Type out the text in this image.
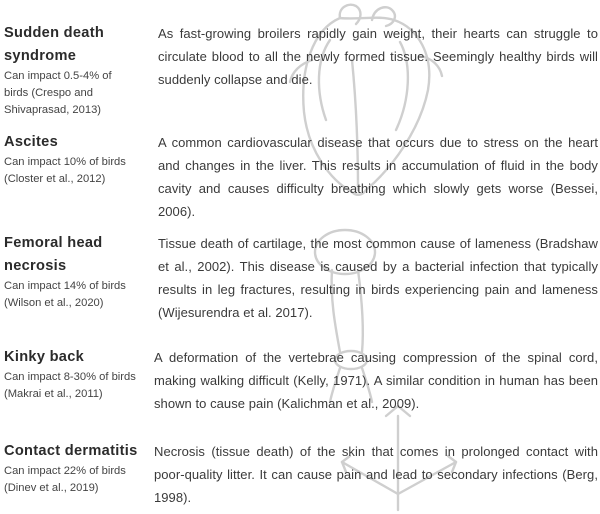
Sudden death
syndrome
Can impact 0.5-4% of
birds (Crespo and
Shivaprasad, 2013)

As fast-growing broilers rapidly gain weight, their hearts can struggle to circulate blood to all the newly formed tissue. Seemingly healthy birds will suddenly collapse and die.

Ascites
Can impact 10% of birds
(Closter et al., 2012)

A common cardiovascular disease that occurs due to stress on the heart and changes in the liver. This results in accumulation of fluid in the body cavity and causes difficulty breathing which slowly gets worse (Bessei, 2006).

Femoral head
necrosis
Can impact 14% of birds
(Wilson et al., 2020)

Tissue death of cartilage, the most common cause of lameness (Bradshaw et al., 2002). This disease is caused by a bacterial infection that typically results in leg fractures, resulting in birds experiencing pain and lameness (Wijesurendra et al. 2017).

Kinky back
Can impact 8-30% of birds
(Makrai et al., 2011)

A deformation of the vertebrae causing compression of the spinal cord, making walking difficult (Kelly, 1971). A similar condition in human has been shown to cause pain (Kalichman et al., 2009).

Contact dermatitis
Can impact 22% of birds
(Dinev et al., 2019)

Necrosis (tissue death) of the skin that comes in prolonged contact with poor-quality litter. It can cause pain and lead to secondary infections (Berg, 1998).
